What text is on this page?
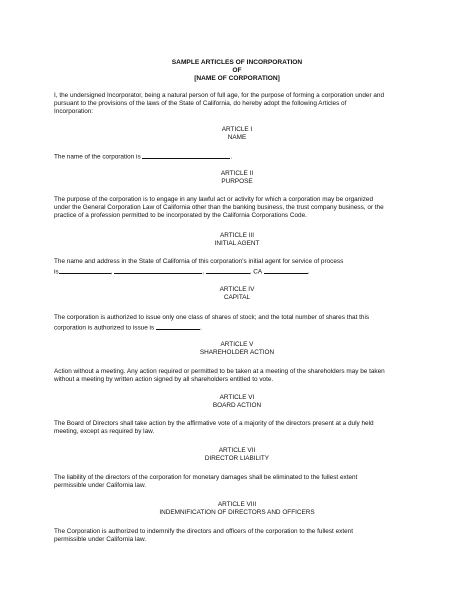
SAMPLE ARTICLES OF INCORPORATION
OF
[NAME OF CORPORATION]
I, the undersigned Incorporator, being a natural person of full age, for the purpose of forming a corporation under and
pursuant to the provisions of the laws of the State of California, do hereby adopt the following Articles of
Incorporation:
ARTICLE I
NAME
The name of the corporation is	.
ARTICLE II
PURPOSE
The purpose of the corporation is to engage in any lawful act or activity for which a corporation may be organized
under the General Corporation Law of California other than the banking business, the trust company business, or the
practice of a profession permitted to be incorporated by the California Corporations Code.
ARTICLE III
INITIAL AGENT
The name and address in the State of California of this corporation's initial agent for service of process
is	,	,	, CA	.
ARTICLE IV
CAPITAL
The corporation is authorized to issue only one class of shares of stock; and the total number of shares that this
corporation is authorized to issue is	.
ARTICLE V
SHAREHOLDER ACTION
Action without a meeting. Any action required or permitted to be taken at a meeting of the shareholders may be taken
without a meeting by written action signed by all shareholders entitled to vote.
ARTICLE VI
BOARD ACTION
The Board of Directors shall take action by the affirmative vote of a majority of the directors present at a duly held
meeting, except as required by law.
ARTICLE VII
DIRECTOR LIABILITY
The liability of the directors of the corporation for monetary damages shall be eliminated to the fullest extent
permissible under California law.
ARTICLE VIII
INDEMNIFICATION OF DIRECTORS AND OFFICERS
The Corporation is authorized to indemnify the directors and officers of the corporation to the fullest extent
permissible under California law.
